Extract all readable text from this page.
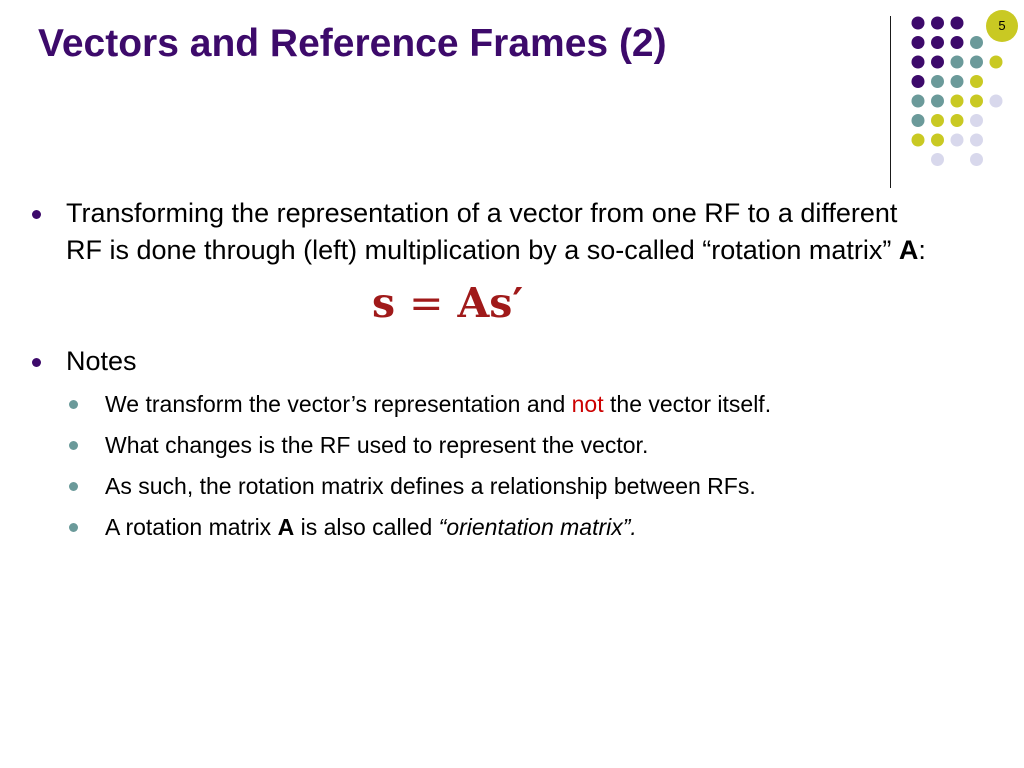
Vectors and Reference Frames (2)	5
Transforming the representation of a vector from one RF to a different RF is done through (left) multiplication by a so-called “rotation matrix” A:
s = As′
Notes
We transform the vector’s representation and not the vector itself.
What changes is the RF used to represent the vector.
As such, the rotation matrix defines a relationship between RFs.
A rotation matrix A is also called “orientation matrix”.
